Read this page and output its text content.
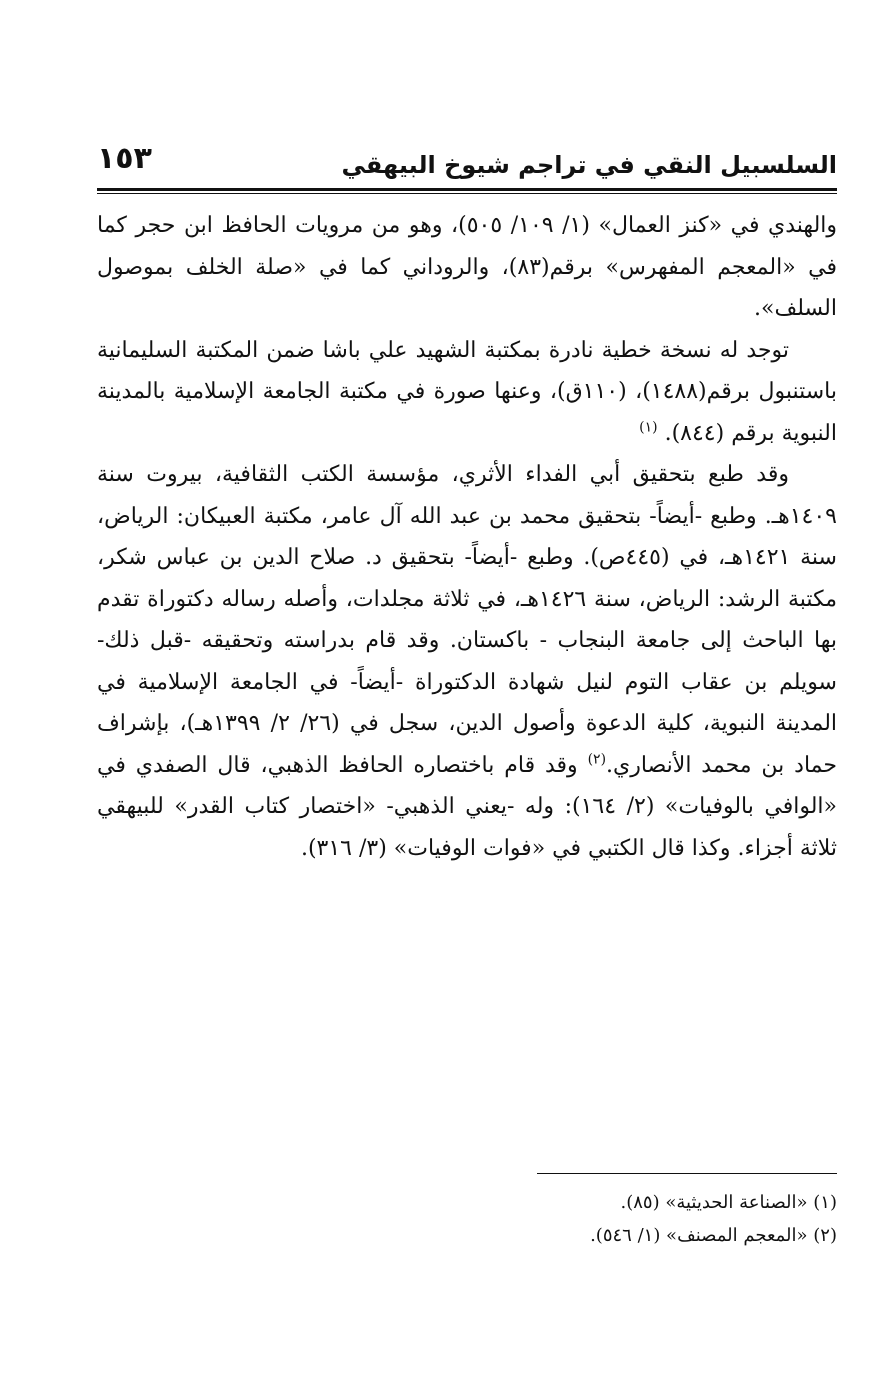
السلسبيل النقي في تراجم شيوخ البيهقي
١٥٣

والهندي في «كنز العمال» (١/ ١٠٩/ ٥٠٥)، وهو من مرويات الحافظ ابن حجر كما في «المعجم المفهرس» برقم(٨٣)، والروداني كما في «صلة الخلف بموصول السلف».

توجد له نسخة خطية نادرة بمكتبة الشهيد علي باشا ضمن المكتبة السليمانية باستنبول برقم(١٤٨٨)، (١١٠ق)، وعنها صورة في مكتبة الجامعة الإسلامية بالمدينة النبوية برقم (٨٤٤). $^{(١)}$

وقد طبع بتحقيق أبي الفداء الأثري، مؤسسة الكتب الثقافية، بيروت سنة ١٤٠٩هـ. وطبع -أيضاً- بتحقيق محمد بن عبد الله آل عامر، مكتبة العبيكان: الرياض، سنة ١٤٢١هـ، في (٤٤٥ص). وطبع -أيضاً- بتحقيق د. صلاح الدين بن عباس شكر، مكتبة الرشد: الرياض، سنة ١٤٢٦هـ، في ثلاثة مجلدات، وأصله رساله دكتوراة تقدم بها الباحث إلى جامعة البنجاب - باكستان. وقد قام بدراسته وتحقيقه -قبل ذلك- سويلم بن عقاب التوم لنيل شهادة الدكتوراة -أيضاً- في الجامعة الإسلامية في المدينة النبوية، كلية الدعوة وأصول الدين، سجل في (٢٦/ ٢/ ١٣٩٩هـ)، بإشراف حماد بن محمد الأنصاري.$^{(٢)}$ وقد قام باختصاره الحافظ الذهبي، قال الصفدي في «الوافي بالوفيات» (٢/ ١٦٤): وله -يعني الذهبي- «اختصار كتاب القدر» للبيهقي ثلاثة أجزاء. وكذا قال الكتبي في «فوات الوفيات» (٣/ ٣١٦).

(١) «الصناعة الحديثية» (٨٥).

(٢) «المعجم المصنف» (١/ ٥٤٦).
